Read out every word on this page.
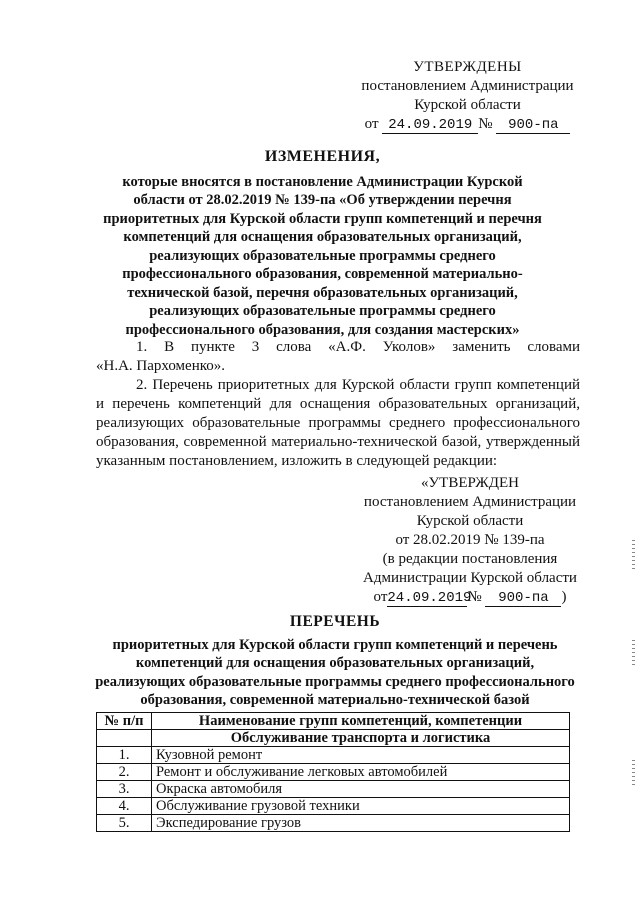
УТВЕРЖДЕНЫ
постановлением Администрации
Курской области
от
24.09.2019 №
	900-па
ИЗМЕНЕНИЯ,
которые вносятся в постановление Администрации Курской области от 28.02.2019 № 139-па «Об утверждении перечня приоритетных для Курской области групп компетенций и перечня компетенций для оснащения образовательных организаций, реализующих образовательные программы среднего профессионального образования, современной материально-технической базой, перечня образовательных организаций, реализующих образовательные программы среднего профессионального образования, для создания мастерских»

1. В пункте 3 слова «А.Ф. Уколов» заменить словами

«Н.А. Пархоменко».

2. Перечень приоритетных для Курской области групп компетенций и перечень компетенций для оснащения образовательных организаций, реализующих образовательные программы среднего профессионального образования, современной материально-технической базой, утвержденный указанным постановлением, изложить в следующей редакции:

«УТВЕРЖДЕН
постановлением Администрации
Курской области
от 28.02.2019 № 139-па
(в редакции постановления
Администрации Курской области
от 24.09.2019
№
	900-па )
ПЕРЕЧЕНЬ
приоритетных для Курской области групп компетенций и перечень компетенций для оснащения образовательных организаций, реализующих образовательные программы среднего профессионального образования, современной материально-технической базой
№ п/п	Наименование групп компетенций, компетенции
	Обслуживание транспорта и логистика
1.	Кузовной ремонт
2.	Ремонт и обслуживание легковых автомобилей
3.	Окраска автомобиля
4.	Обслуживание грузовой техники
5.	Экспедирование грузов
